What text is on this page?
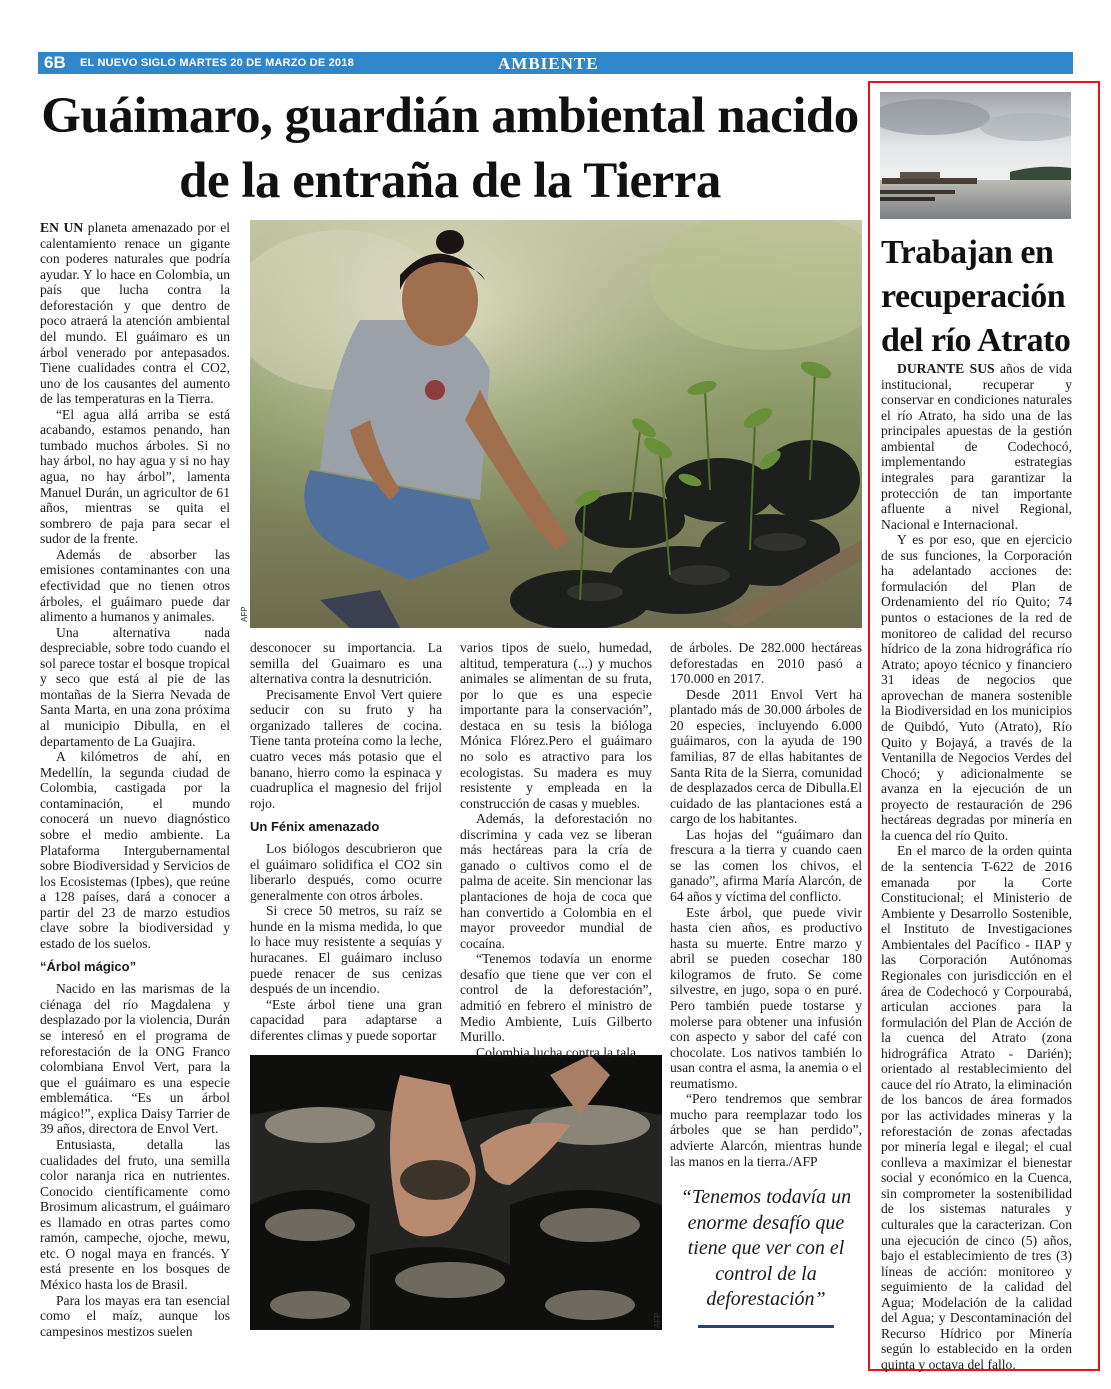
6B EL NUEVO SIGLO MARTES 20 DE MARZO DE 2018	AMBIENTE
Guáimaro, guardián ambiental nacido de la entraña de la Tierra
AFP
AFP

EN UN planeta amenazado por el calentamiento renace un gigante con poderes naturales que podría ayudar. Y lo hace en Colombia, un país que lucha contra la deforestación y que dentro de poco atraerá la atención ambiental del mundo. El guáimaro es un árbol venerado por antepasados. Tiene cualidades contra el CO2, uno de los causantes del aumento de las temperaturas en la Tierra.

“El agua allá arriba se está acabando, estamos penando, han tumbado muchos árboles. Si no hay árbol, no hay agua y si no hay agua, no hay árbol”, lamenta Manuel Durán, un agricultor de 61 años, mientras se quita el sombrero de paja para secar el sudor de la frente.

Además de absorber las emisiones contaminantes con una efectividad que no tienen otros árboles, el guáimaro puede dar alimento a humanos y animales.

Una alternativa nada despreciable, sobre todo cuando el sol parece tostar el bosque tropical y seco que está al pie de las montañas de la Sierra Nevada de Santa Marta, en una zona próxima al municipio Dibulla, en el departamento de La Guajira.

A kilómetros de ahí, en Medellín, la segunda ciudad de Colombia, castigada por la contaminación, el mundo conocerá un nuevo diagnóstico sobre el medio ambiente. La Plataforma Intergubernamental sobre Biodiversidad y Servicios de los Ecosistemas (Ipbes), que reúne a 128 países, dará a conocer a partir del 23 de marzo estudios clave sobre la biodiversidad y estado de los suelos.

“Árbol mágico”

Nacido en las marismas de la ciénaga del río Magdalena y desplazado por la violencia, Durán se interesó en el programa de reforestación de la ONG Franco colombiana Envol Vert, para la que el guáimaro es una especie emblemática. “Es un árbol mágico!”, explica Daisy Tarrier de 39 años, directora de Envol Vert.

Entusiasta, detalla las cualidades del fruto, una semilla color naranja rica en nutrientes. Conocido científicamente como Brosimum alicastrum, el guáimaro es llamado en otras partes como ramón, campeche, ojoche, mewu, etc. O nogal maya en francés. Y está presente en los bosques de México hasta los de Brasil.

Para los mayas era tan esencial como el maíz, aunque los campesinos mestizos suelen

desconocer su importancia. La semilla del Guaimaro es una alternativa contra la desnutrición.

Precisamente Envol Vert quiere seducir con su fruto y ha organizado talleres de cocina. Tiene tanta proteína como la leche, cuatro veces más potasio que el banano, hierro como la espinaca y cuadruplica el magnesio del frijol rojo.

Un Fénix amenazado

Los biólogos descubrieron que el guáimaro solidifica el CO2 sin liberarlo después, como ocurre generalmente con otros árboles.

Si crece 50 metros, su raíz se hunde en la misma medida, lo que lo hace muy resistente a sequías y huracanes. El guáimaro incluso puede renacer de sus cenizas después de un incendio.

“Este árbol tiene una gran capacidad para adaptarse a diferentes climas y puede soportar

varios tipos de suelo, humedad, altitud, temperatura (...) y muchos animales se alimentan de su fruta, por lo que es una especie importante para la conservación”, destaca en su tesis la bióloga Mónica Flórez.Pero el guáimaro no solo es atractivo para los ecologistas. Su madera es muy resistente y empleada en la construcción de casas y muebles.

Además, la deforestación no discrimina y cada vez se liberan más hectáreas para la cría de ganado o cultivos como el de palma de aceite. Sin mencionar las plantaciones de hoja de coca que han convertido a Colombia en el mayor proveedor mundial de cocaína.

“Tenemos todavía un enorme desafío que tiene que ver con el control de la deforestación”, admitió en febrero el ministro de Medio Ambiente, Luis Gilberto Murillo.

Colombia lucha contra la tala

de árboles. De 282.000 hectáreas deforestadas en 2010 pasó a 170.000 en 2017.

Desde 2011 Envol Vert ha plantado más de 30.000 árboles de 20 especies, incluyendo 6.000 guáimaros, con la ayuda de 190 familias, 87 de ellas habitantes de Santa Rita de la Sierra, comunidad de desplazados cerca de Dibulla.El cuidado de las plantaciones está a cargo de los habitantes.

Las hojas del “guáimaro dan frescura a la tierra y cuando caen se las comen los chivos, el ganado”, afirma María Alarcón, de 64 años y víctima del conflicto.

Este árbol, que puede vivir hasta cien años, es productivo hasta su muerte. Entre marzo y abril se pueden cosechar 180 kilogramos de fruto. Se come silvestre, en jugo, sopa o en puré. Pero también puede tostarse y molerse para obtener una infusión con aspecto y sabor del café con chocolate. Los nativos también lo usan contra el asma, la anemia o el reumatismo.

“Pero tendremos que sembrar mucho para reemplazar todo los árboles que se han perdido”, advierte Alarcón, mientras hunde las manos en la tierra./AFP

“Tenemos todavía un enorme desafío que tiene que ver con el control de la deforestación”
Trabajan en recuperación del río Atrato

DURANTE SUS años de vida institucional, recuperar y conservar en condiciones naturales el río Atrato, ha sido una de las principales apuestas de la gestión ambiental de Codechocó, implementando estrategias integrales para garantizar la protección de tan importante afluente a nivel Regional, Nacional e Internacional.

Y es por eso, que en ejercicio de sus funciones, la Corporación ha adelantado acciones de: formulación del Plan de Ordenamiento del río Quito; 74 puntos o estaciones de la red de monitoreo de calidad del recurso hídrico de la zona hidrográfica río Atrato; apoyo técnico y financiero 31 ideas de negocios que aprovechan de manera sostenible la Biodiversidad en los municipios de Quibdó, Yuto (Atrato), Río Quito y Bojayá, a través de la Ventanilla de Negocios Verdes del Chocó; y adicionalmente se avanza en la ejecución de un proyecto de restauración de 296 hectáreas degradas por minería en la cuenca del río Quito.

En el marco de la orden quinta de la sentencia T-622 de 2016 emanada por la Corte Constitucional; el Ministerio de Ambiente y Desarrollo Sostenible, el Instituto de Investigaciones Ambientales del Pacífico - IIAP y las Corporación Autónomas Regionales con jurisdicción en el área de Codechocó y Corpourabá, articulan acciones para la formulación del Plan de Acción de la cuenca del Atrato (zona hidrográfica Atrato - Darién); orientado al restablecimiento del cauce del río Atrato, la eliminación de los bancos de área formados por las actividades mineras y la reforestación de zonas afectadas por minería legal e ilegal; el cual conlleva a maximizar el bienestar social y económico en la Cuenca, sin comprometer la sostenibilidad de los sistemas naturales y culturales que la caracterizan. Con una ejecución de cinco (5) años, bajo el establecimiento de tres (3) líneas de acción: monitoreo y seguimiento de la calidad del Agua; Modelación de la calidad del Agua; y Descontaminación del Recurso Hídrico por Minería según lo establecido en la orden quinta y octava del fallo.
